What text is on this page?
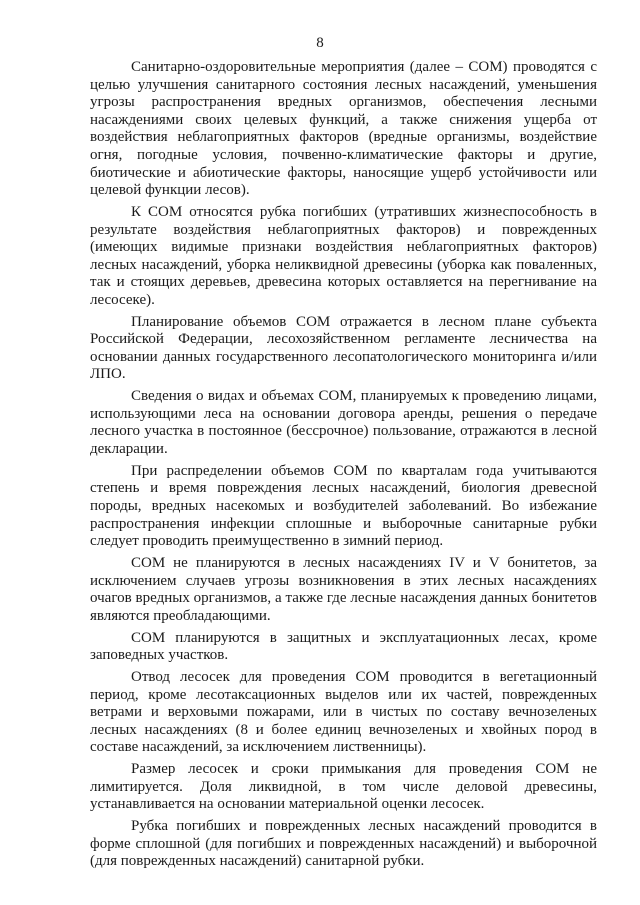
8

Санитарно-оздоровительные мероприятия (далее – СОМ) проводятся с целью улучшения санитарного состояния лесных насаждений, уменьшения угрозы распространения вредных организмов, обеспечения лесными насаждениями своих целевых функций, а также снижения ущерба от воздействия неблагоприятных факторов (вредные организмы, воздействие огня, погодные условия, почвенно-климатические факторы и другие, биотические и абиотические факторы, наносящие ущерб устойчивости или целевой функции лесов).

К СОМ относятся рубка погибших (утративших жизнеспособность в результате воздействия неблагоприятных факторов) и поврежденных (имеющих видимые признаки воздействия неблагоприятных факторов) лесных насаждений, уборка неликвидной древесины (уборка как поваленных, так и стоящих деревьев, древесина которых оставляется на перегнивание на лесосеке).

Планирование объемов СОМ отражается в лесном плане субъекта Российской Федерации, лесохозяйственном регламенте лесничества на основании данных государственного лесопатологического мониторинга и/или ЛПО.

Сведения о видах и объемах СОМ, планируемых к проведению лицами, использующими леса на основании договора аренды, решения о передаче лесного участка в постоянное (бессрочное) пользование, отражаются в лесной декларации.

При распределении объемов СОМ по кварталам года учитываются степень и время повреждения лесных насаждений, биология древесной породы, вредных насекомых и возбудителей заболеваний. Во избежание распространения инфекции сплошные и выборочные санитарные рубки следует проводить преимущественно в зимний период.

СОМ не планируются в лесных насаждениях IV и V бонитетов, за исключением случаев угрозы возникновения в этих лесных насаждениях очагов вредных организмов, а также где лесные насаждения данных бонитетов являются преобладающими.

СОМ планируются в защитных и эксплуатационных лесах, кроме заповедных участков.

Отвод лесосек для проведения СОМ проводится в вегетационный период, кроме лесотаксационных выделов или их частей, поврежденных ветрами и верховыми пожарами, или в чистых по составу вечнозеленых лесных насаждениях (8 и более единиц вечнозеленых и хвойных пород в составе насаждений, за исключением лиственницы).

Размер лесосек и сроки примыкания для проведения СОМ не лимитируется. Доля ликвидной, в том числе деловой древесины, устанавливается на основании материальной оценки лесосек.

Рубка погибших и поврежденных лесных насаждений проводится в форме сплошной (для погибших и поврежденных насаждений) и выборочной (для поврежденных насаждений) санитарной рубки.
